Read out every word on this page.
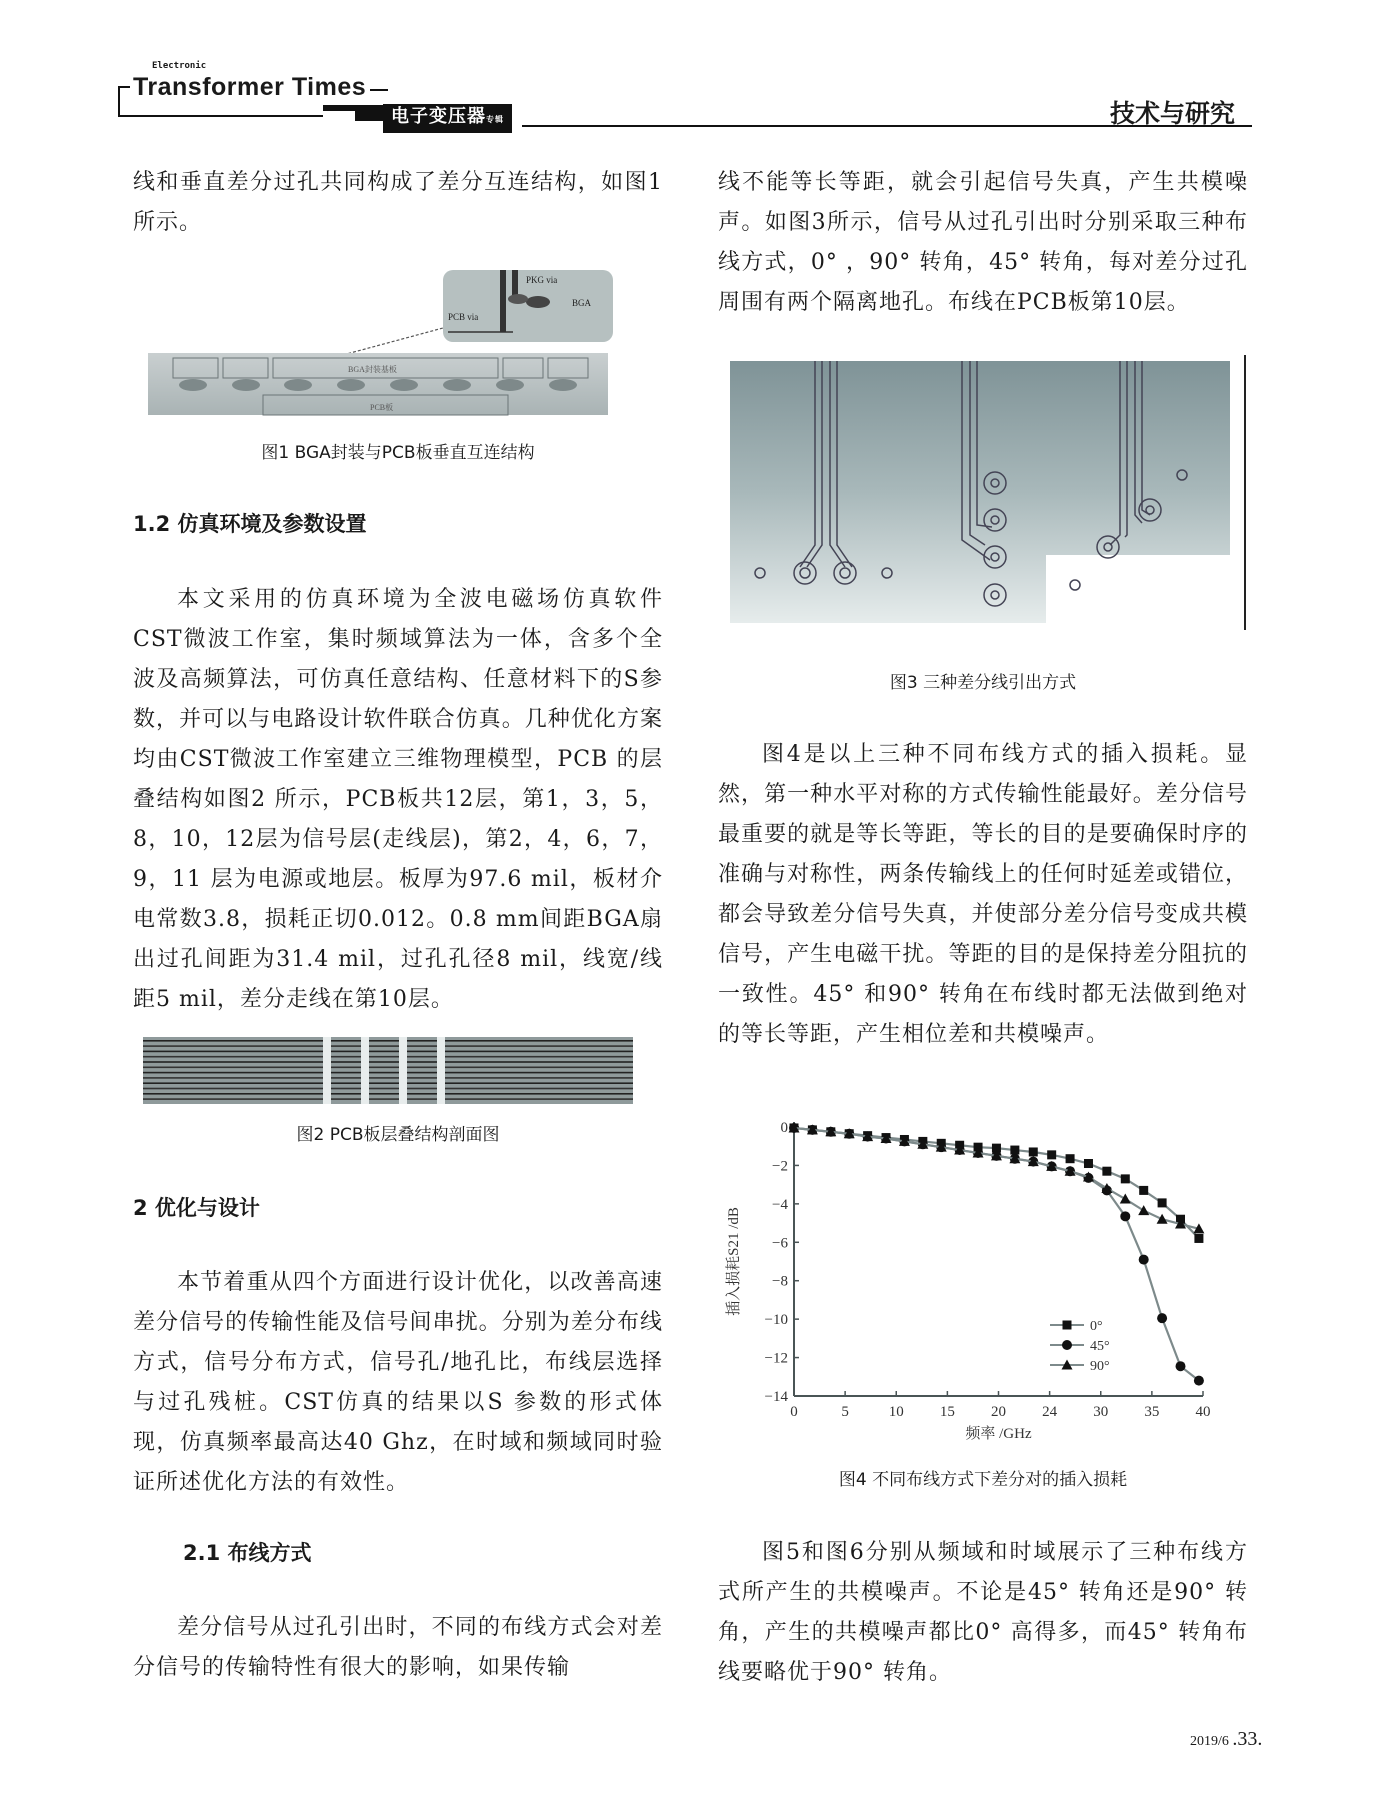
Electronic
Transformer Times
电子变压器专辑	技术与研究

线和垂直差分过孔共同构成了差分互连结构，如图1所示。

PKG via
BGA
PCB via
BGA封装基板
PCB板
图1 BGA封装与PCB板垂直互连结构
1.2 仿真环境及参数设置

本文采用的仿真环境为全波电磁场仿真软件CST微波工作室，集时频域算法为一体，含多个全波及高频算法，可仿真任意结构、任意材料下的S参数，并可以与电路设计软件联合仿真。几种优化方案均由CST微波工作室建立三维物理模型，PCB 的层叠结构如图2 所示，PCB板共12层，第1，3，5，8，10，12层为信号层(走线层)，第2，4，6，7，9，11 层为电源或地层。板厚为97.6 mil，板材介电常数3.8，损耗正切0.012。0.8 mm间距BGA扇出过孔间距为31.4 mil，过孔孔径8 mil，线宽/线距5 mil，差分走线在第10层。

图2 PCB板层叠结构剖面图
2 优化与设计

本节着重从四个方面进行设计优化，以改善高速差分信号的传输性能及信号间串扰。分别为差分布线方式，信号分布方式，信号孔/地孔比，布线层选择与过孔残桩。CST仿真的结果以S 参数的形式体现，仿真频率最高达40 Ghz，在时域和频域同时验证所述优化方法的有效性。

2.1 布线方式

差分信号从过孔引出时，不同的布线方式会对差分信号的传输特性有很大的影响，如果传输

线不能等长等距，就会引起信号失真，产生共模噪声。如图3所示，信号从过孔引出时分别采取三种布线方式，0° ，90° 转角，45° 转角，每对差分过孔周围有两个隔离地孔。布线在PCB板第10层。

图3 三种差分线引出方式

图4是以上三种不同布线方式的插入损耗。显然，第一种水平对称的方式传输性能最好。差分信号最重要的就是等长等距，等长的目的是要确保时序的准确与对称性，两条传输线上的任何时延差或错位，都会导致差分信号失真，并使部分差分信号变成共模信号，产生电磁干扰。等距的目的是保持差分阻抗的一致性。45° 和90° 转角在布线时都无法做到绝对的等长等距，产生相位差和共模噪声。

0	5	10 15 20 24 30 35 40
0
−2
−4
−6
−8
−10
−12
−14
0°
45°
90°
频率 /GHz
插入损耗S21 /dB
图4 不同布线方式下差分对的插入损耗

图5和图6分别从频域和时域展示了三种布线方式所产生的共模噪声。不论是45° 转角还是90° 转角，产生的共模噪声都比0° 高得多，而45° 转角布线要略优于90° 转角。

2019/6 .33.
